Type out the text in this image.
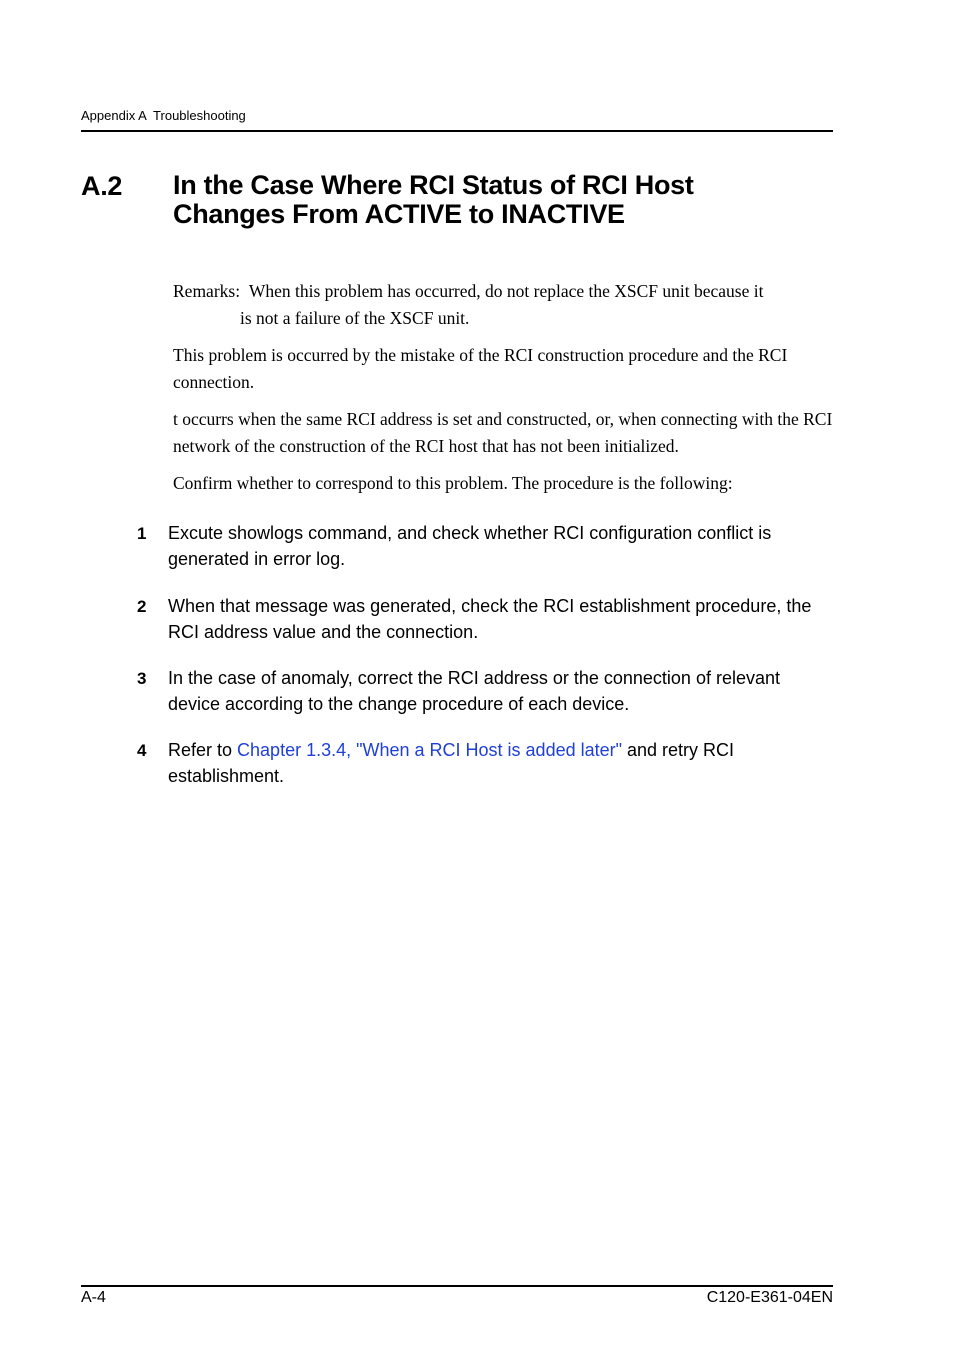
Appendix A  Troubleshooting
A.2 In the Case Where RCI Status of RCI Host
Changes From ACTIVE to INACTIVE
Remarks: When this problem has occurred, do not replace the XSCF unit because it
is not a failure of the XSCF unit.
This problem is occurred by the mistake of the RCI construction procedure and the RCI connection.
t occurrs when the same RCI address is set and constructed, or, when connecting with the RCI network of the construction of the RCI host that has not been initialized.
Confirm whether to correspond to this problem. The procedure is the following:
1 Excute showlogs command, and check whether RCI configuration conflict is generated in error log.
2 When that message was generated, check the RCI establishment procedure, the RCI address value and the connection.
3 In the case of anomaly, correct the RCI address or the connection of relevant device according to the change procedure of each device.
4 Refer to Chapter 1.3.4, "When a RCI Host is added later" and retry RCI establishment.
A-4	C120-E361-04EN
